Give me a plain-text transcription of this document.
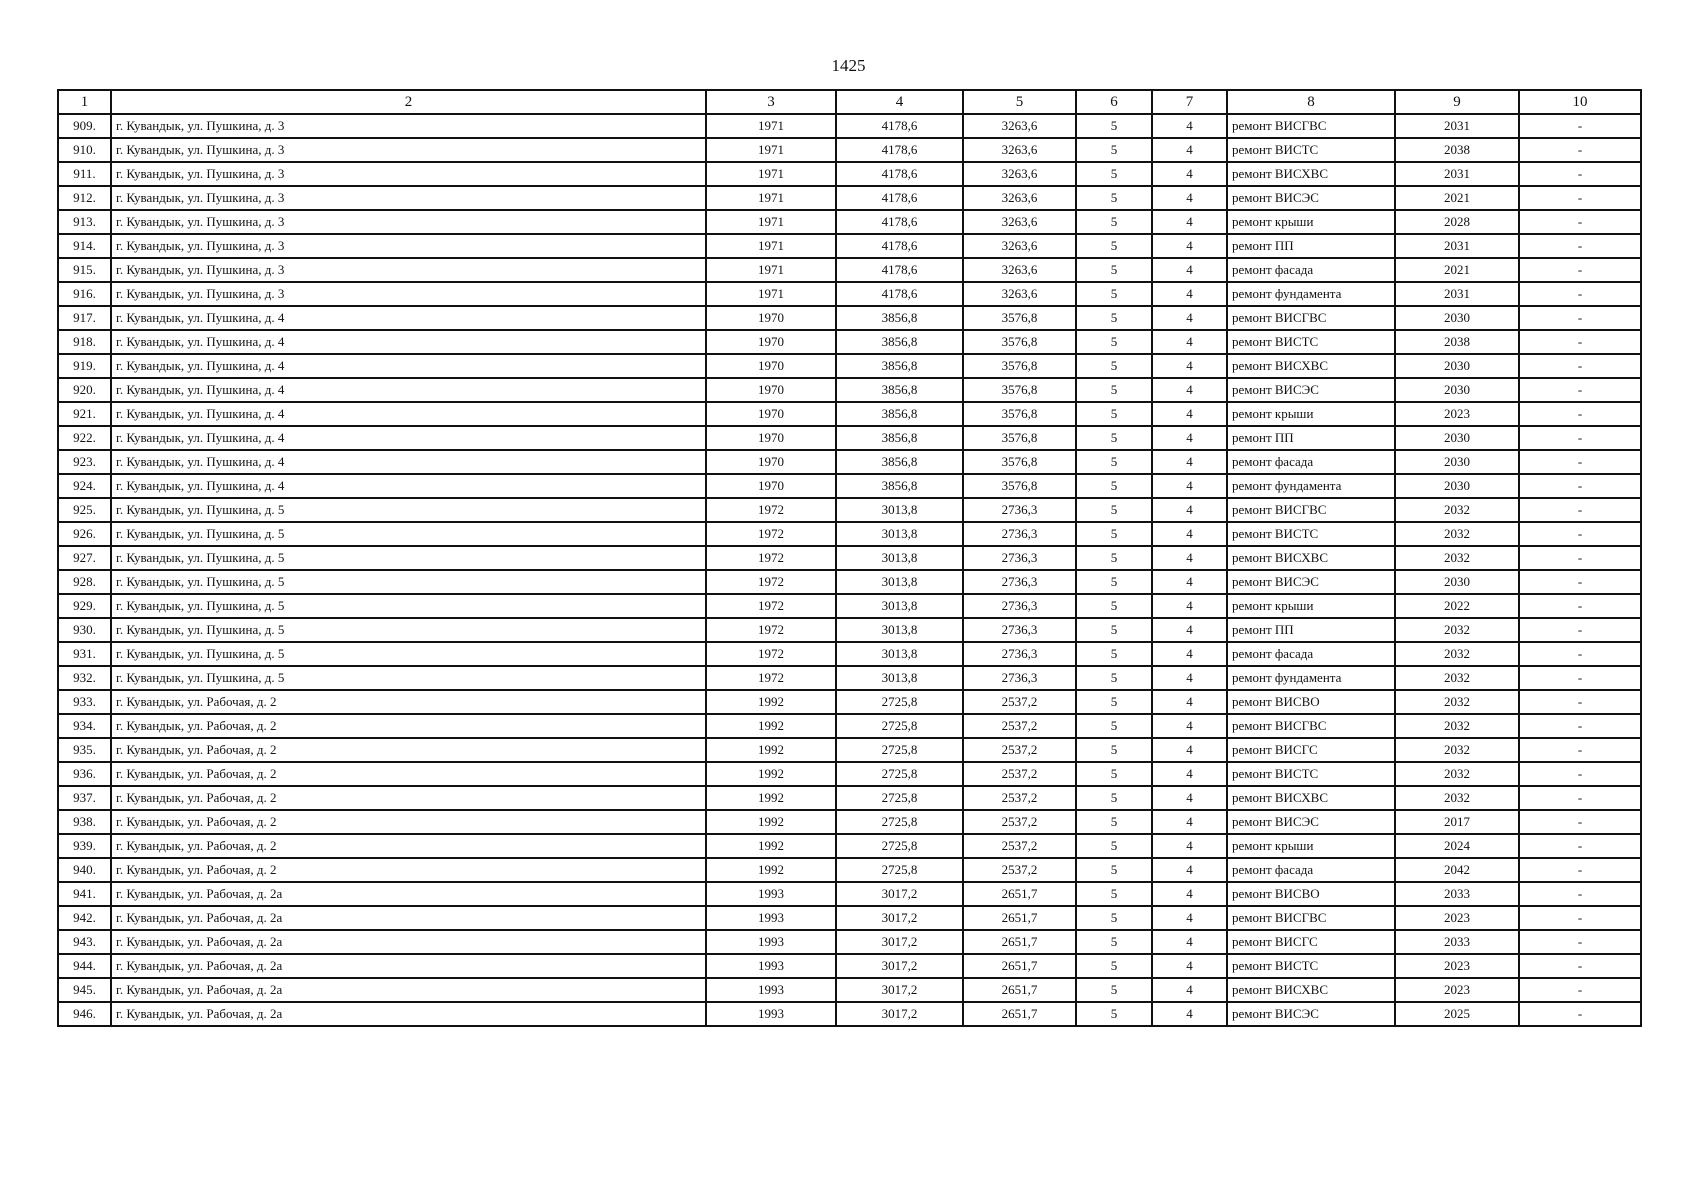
1425
1	2	3	4	5	6	7	8	9	10
909.	г. Кувандык, ул. Пушкина, д. 3	1971	4178,6	3263,6	5	4	ремонт ВИСГВС	2031	-
910.	г. Кувандык, ул. Пушкина, д. 3	1971	4178,6	3263,6	5	4	ремонт ВИСТС	2038	-
911.	г. Кувандык, ул. Пушкина, д. 3	1971	4178,6	3263,6	5	4	ремонт ВИСХВС	2031	-
912.	г. Кувандык, ул. Пушкина, д. 3	1971	4178,6	3263,6	5	4	ремонт ВИСЭС	2021	-
913.	г. Кувандык, ул. Пушкина, д. 3	1971	4178,6	3263,6	5	4	ремонт крыши	2028	-
914.	г. Кувандык, ул. Пушкина, д. 3	1971	4178,6	3263,6	5	4	ремонт ПП	2031	-
915.	г. Кувандык, ул. Пушкина, д. 3	1971	4178,6	3263,6	5	4	ремонт фасада	2021	-
916.	г. Кувандык, ул. Пушкина, д. 3	1971	4178,6	3263,6	5	4	ремонт фундамента	2031	-
917.	г. Кувандык, ул. Пушкина, д. 4	1970	3856,8	3576,8	5	4	ремонт ВИСГВС	2030	-
918.	г. Кувандык, ул. Пушкина, д. 4	1970	3856,8	3576,8	5	4	ремонт ВИСТС	2038	-
919.	г. Кувандык, ул. Пушкина, д. 4	1970	3856,8	3576,8	5	4	ремонт ВИСХВС	2030	-
920.	г. Кувандык, ул. Пушкина, д. 4	1970	3856,8	3576,8	5	4	ремонт ВИСЭС	2030	-
921.	г. Кувандык, ул. Пушкина, д. 4	1970	3856,8	3576,8	5	4	ремонт крыши	2023	-
922.	г. Кувандык, ул. Пушкина, д. 4	1970	3856,8	3576,8	5	4	ремонт ПП	2030	-
923.	г. Кувандык, ул. Пушкина, д. 4	1970	3856,8	3576,8	5	4	ремонт фасада	2030	-
924.	г. Кувандык, ул. Пушкина, д. 4	1970	3856,8	3576,8	5	4	ремонт фундамента	2030	-
925.	г. Кувандык, ул. Пушкина, д. 5	1972	3013,8	2736,3	5	4	ремонт ВИСГВС	2032	-
926.	г. Кувандык, ул. Пушкина, д. 5	1972	3013,8	2736,3	5	4	ремонт ВИСТС	2032	-
927.	г. Кувандык, ул. Пушкина, д. 5	1972	3013,8	2736,3	5	4	ремонт ВИСХВС	2032	-
928.	г. Кувандык, ул. Пушкина, д. 5	1972	3013,8	2736,3	5	4	ремонт ВИСЭС	2030	-
929.	г. Кувандык, ул. Пушкина, д. 5	1972	3013,8	2736,3	5	4	ремонт крыши	2022	-
930.	г. Кувандык, ул. Пушкина, д. 5	1972	3013,8	2736,3	5	4	ремонт ПП	2032	-
931.	г. Кувандык, ул. Пушкина, д. 5	1972	3013,8	2736,3	5	4	ремонт фасада	2032	-
932.	г. Кувандык, ул. Пушкина, д. 5	1972	3013,8	2736,3	5	4	ремонт фундамента	2032	-
933.	г. Кувандык, ул. Рабочая, д. 2	1992	2725,8	2537,2	5	4	ремонт ВИСВО	2032	-
934.	г. Кувандык, ул. Рабочая, д. 2	1992	2725,8	2537,2	5	4	ремонт ВИСГВС	2032	-
935.	г. Кувандык, ул. Рабочая, д. 2	1992	2725,8	2537,2	5	4	ремонт ВИСГС	2032	-
936.	г. Кувандык, ул. Рабочая, д. 2	1992	2725,8	2537,2	5	4	ремонт ВИСТС	2032	-
937.	г. Кувандык, ул. Рабочая, д. 2	1992	2725,8	2537,2	5	4	ремонт ВИСХВС	2032	-
938.	г. Кувандык, ул. Рабочая, д. 2	1992	2725,8	2537,2	5	4	ремонт ВИСЭС	2017	-
939.	г. Кувандык, ул. Рабочая, д. 2	1992	2725,8	2537,2	5	4	ремонт крыши	2024	-
940.	г. Кувандык, ул. Рабочая, д. 2	1992	2725,8	2537,2	5	4	ремонт фасада	2042	-
941.	г. Кувандык, ул. Рабочая, д. 2а	1993	3017,2	2651,7	5	4	ремонт ВИСВО	2033	-
942.	г. Кувандык, ул. Рабочая, д. 2а	1993	3017,2	2651,7	5	4	ремонт ВИСГВС	2023	-
943.	г. Кувандык, ул. Рабочая, д. 2а	1993	3017,2	2651,7	5	4	ремонт ВИСГС	2033	-
944.	г. Кувандык, ул. Рабочая, д. 2а	1993	3017,2	2651,7	5	4	ремонт ВИСТС	2023	-
945.	г. Кувандык, ул. Рабочая, д. 2а	1993	3017,2	2651,7	5	4	ремонт ВИСХВС	2023	-
946.	г. Кувандык, ул. Рабочая, д. 2а	1993	3017,2	2651,7	5	4	ремонт ВИСЭС	2025	-
